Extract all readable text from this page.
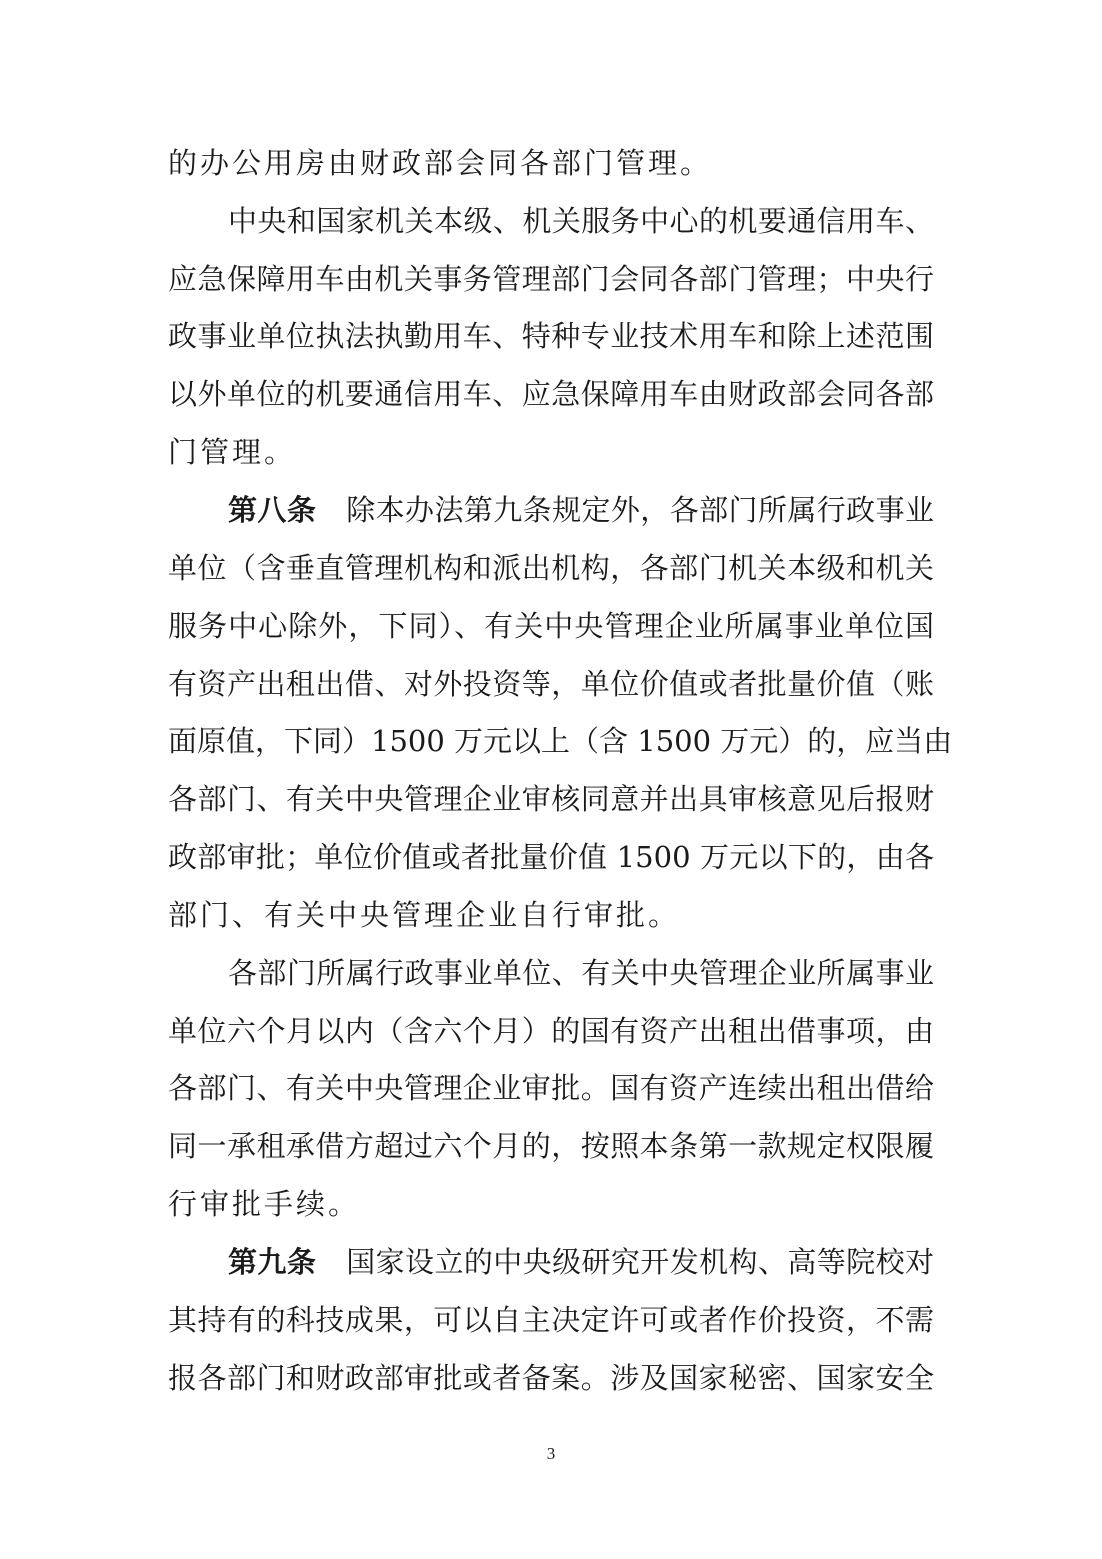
的办公用房由财政部会同各部门管理。
中央和国家机关本级、机关服务中心的机要通信用车、
应急保障用车由机关事务管理部门会同各部门管理；中央行
政事业单位执法执勤用车、特种专业技术用车和除上述范围
以外单位的机要通信用车、应急保障用车由财政部会同各部
门管理。
第八条 除本办法第九条规定外，各部门所属行政事业
单位（含垂直管理机构和派出机构，各部门机关本级和机关
服务中心除外，下同）、有关中央管理企业所属事业单位国
有资产出租出借、对外投资等，单位价值或者批量价值（账
面原值，下同）1500 万元以上（含 1500 万元）的，应当由
各部门、有关中央管理企业审核同意并出具审核意见后报财
政部审批；单位价值或者批量价值 1500 万元以下的，由各
部门、有关中央管理企业自行审批。
各部门所属行政事业单位、有关中央管理企业所属事业
单位六个月以内（含六个月）的国有资产出租出借事项，由
各部门、有关中央管理企业审批。国有资产连续出租出借给
同一承租承借方超过六个月的，按照本条第一款规定权限履
行审批手续。
第九条 国家设立的中央级研究开发机构、高等院校对
其持有的科技成果，可以自主决定许可或者作价投资，不需
报各部门和财政部审批或者备案。涉及国家秘密、国家安全
3
